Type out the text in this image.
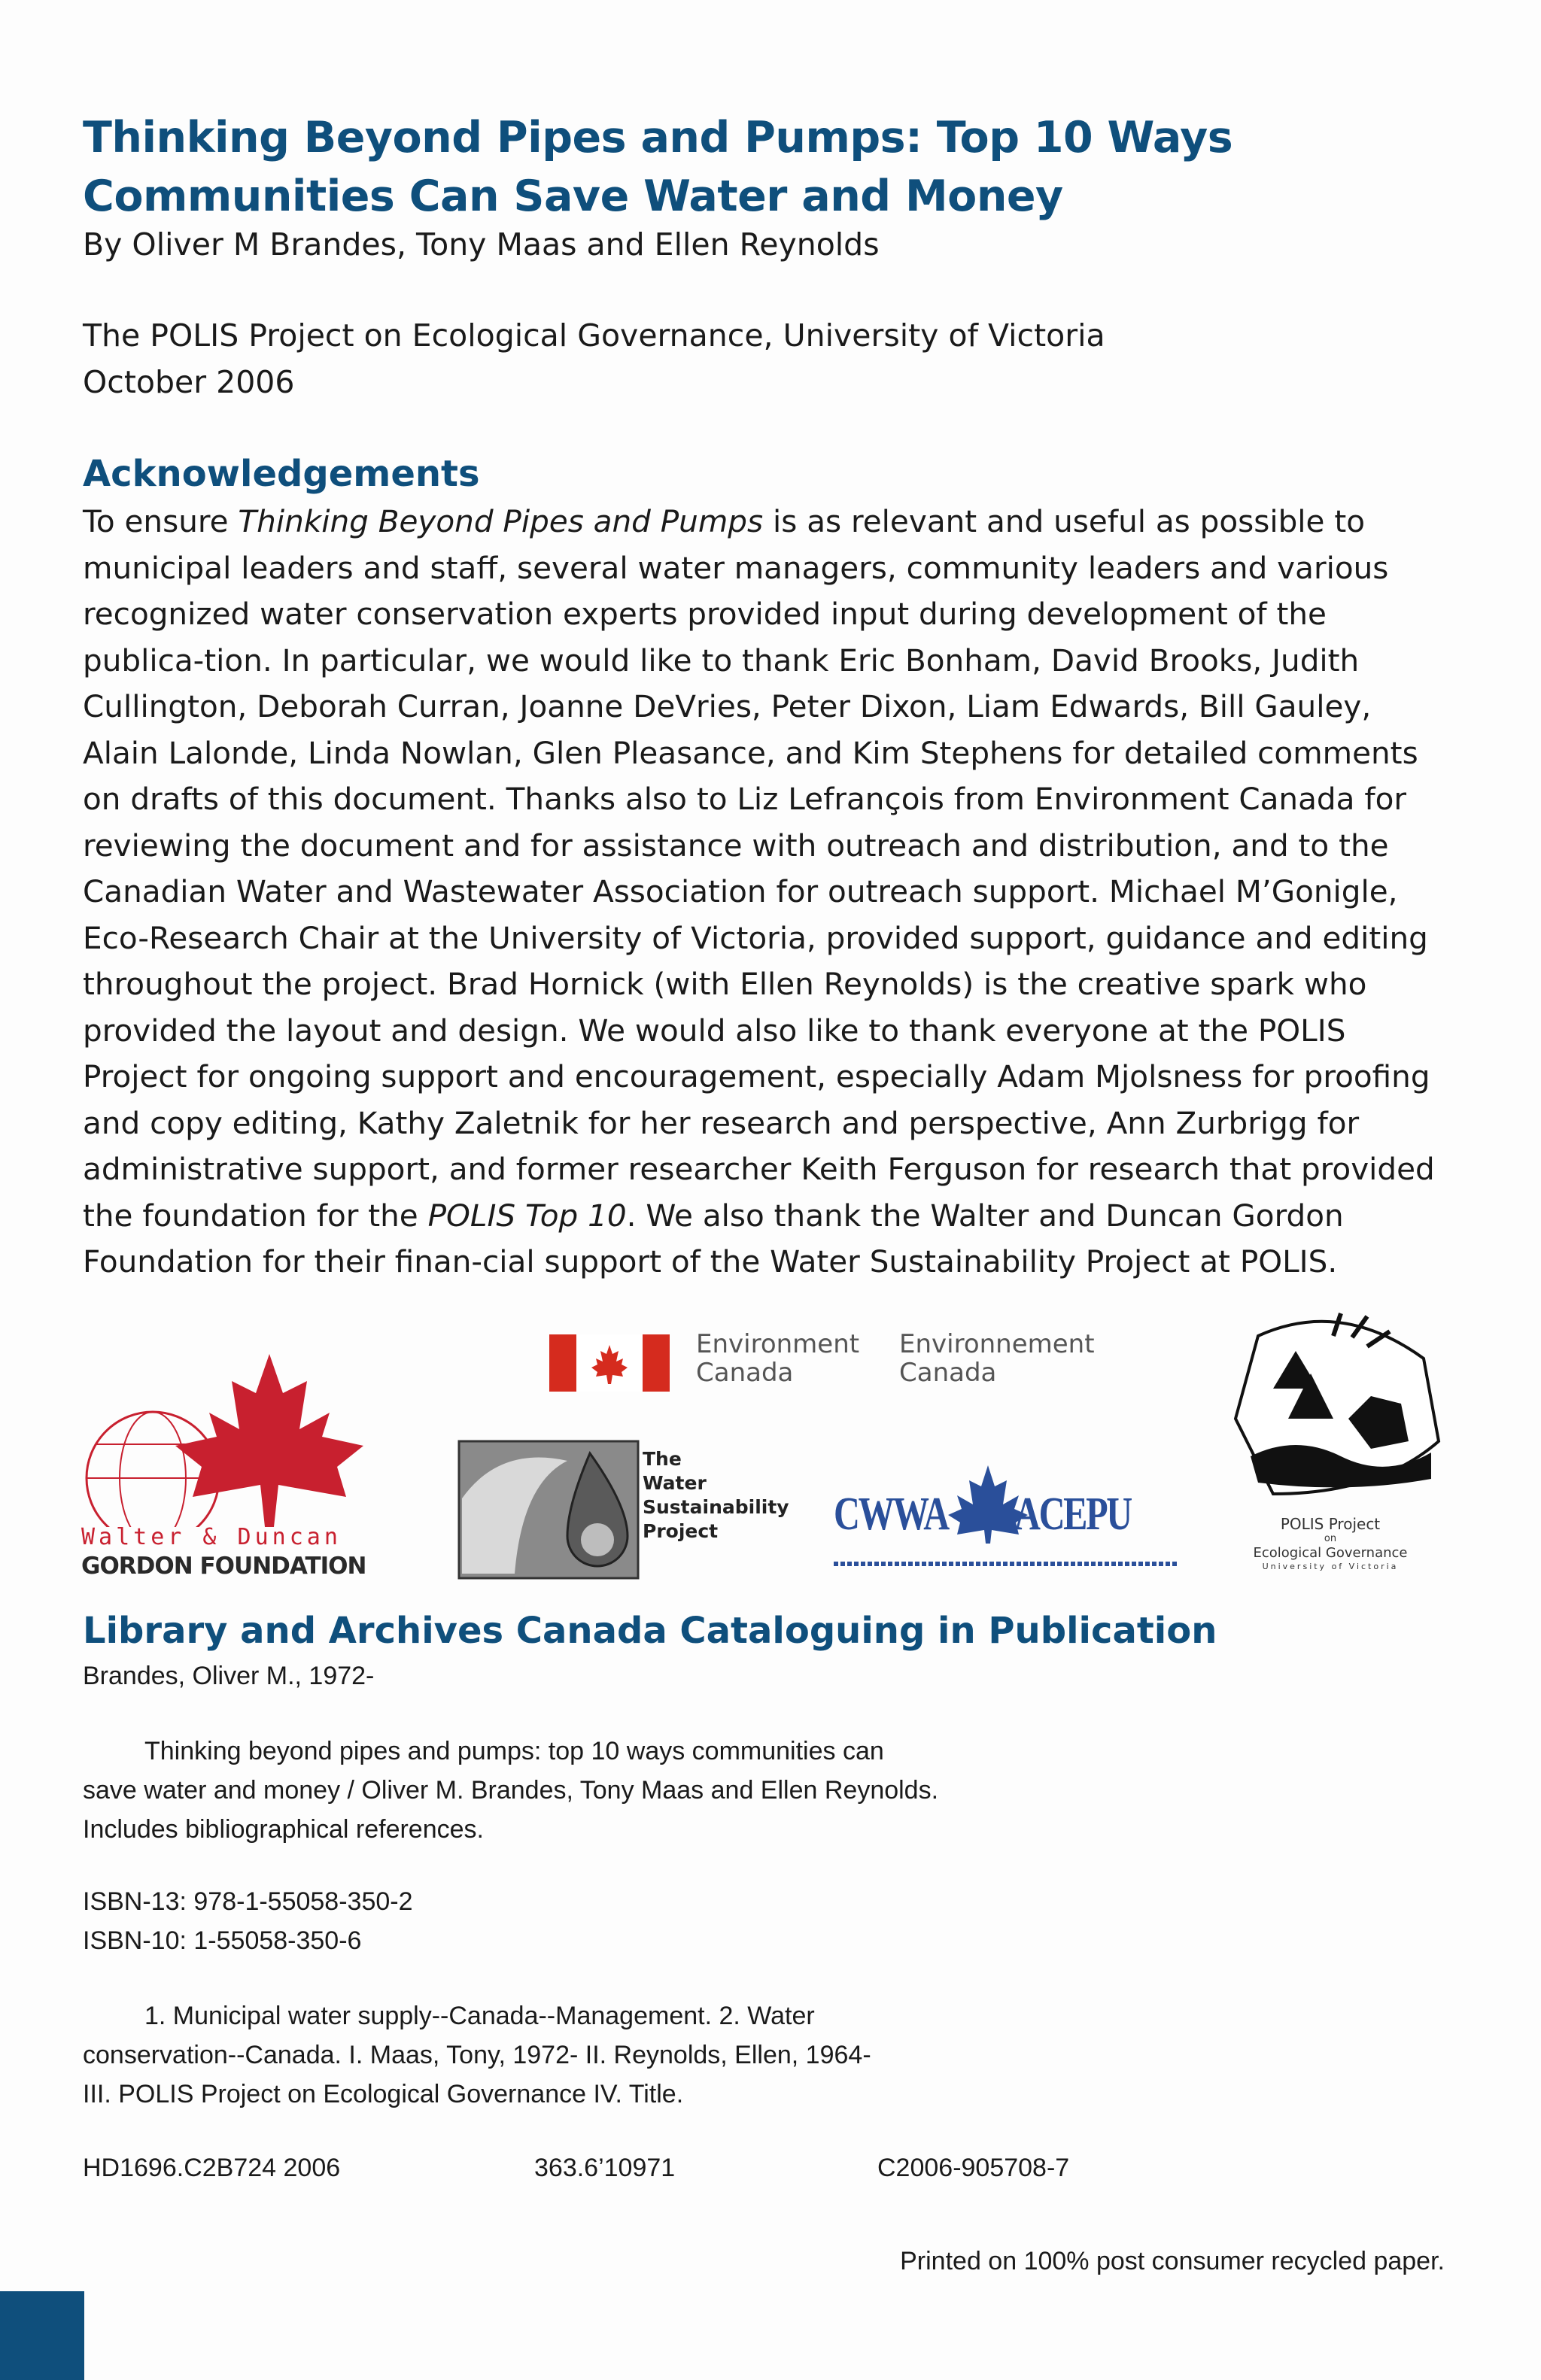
Thinking Beyond Pipes and Pumps: Top 10 Ways
Communities Can Save Water and Money
By Oliver M Brandes, Tony Maas and Ellen Reynolds
The POLIS Project on Ecological Governance, University of Victoria
October 2006
Acknowledgements

To ensure Thinking Beyond Pipes and Pumps is as relevant and useful as possible to municipal leaders and staff, several water managers, community leaders and various recognized water conservation experts provided input during development of the publica-tion. In particular, we would like to thank Eric Bonham, David Brooks, Judith Cullington, Deborah Curran, Joanne DeVries, Peter Dixon, Liam Edwards, Bill Gauley, Alain Lalonde, Linda Nowlan, Glen Pleasance, and Kim Stephens for detailed comments on drafts of this document. Thanks also to Liz Lefrançois from Environment Canada for reviewing the document and for assistance with outreach and distribution, and to the Canadian Water and Wastewater Association for outreach support. Michael M’Gonigle, Eco-Research Chair at the University of Victoria, provided support, guidance and editing throughout the project. Brad Hornick (with Ellen Reynolds) is the creative spark who provided the layout and design. We would also like to thank everyone at the POLIS Project for ongoing support and encouragement, especially Adam Mjolsness for proofing and copy editing, Kathy Zaletnik for her research and perspective, Ann Zurbrigg for administrative support, and former researcher Keith Ferguson for research that provided the foundation for the POLIS Top 10. We also thank the Walter and Duncan Gordon Foundation for their finan-cial support of the Water Sustainability Project at POLIS.

Environment
Canada
Environnement
Canada
Walter & Duncan
GORDON FOUNDATION
The
Water
Sustainability
Project	CWWA ACEPU	POLIS Project
on
Ecological Governance
University of Victoria
Library and Archives Canada Cataloguing in Publication
Brandes, Oliver M., 1972-
Thinking beyond pipes and pumps: top 10 ways communities can
save water and money / Oliver M. Brandes, Tony Maas and Ellen Reynolds.
Includes bibliographical references.
ISBN-13: 978-1-55058-350-2
ISBN-10: 1-55058-350-6
1. Municipal water supply--Canada--Management. 2. Water
conservation--Canada. I. Maas, Tony, 1972- II. Reynolds, Ellen, 1964-
III. POLIS Project on Ecological Governance IV. Title.
HD1696.C2B724 2006	363.6’10971	C2006-905708-7
Printed on 100% post consumer recycled paper.
